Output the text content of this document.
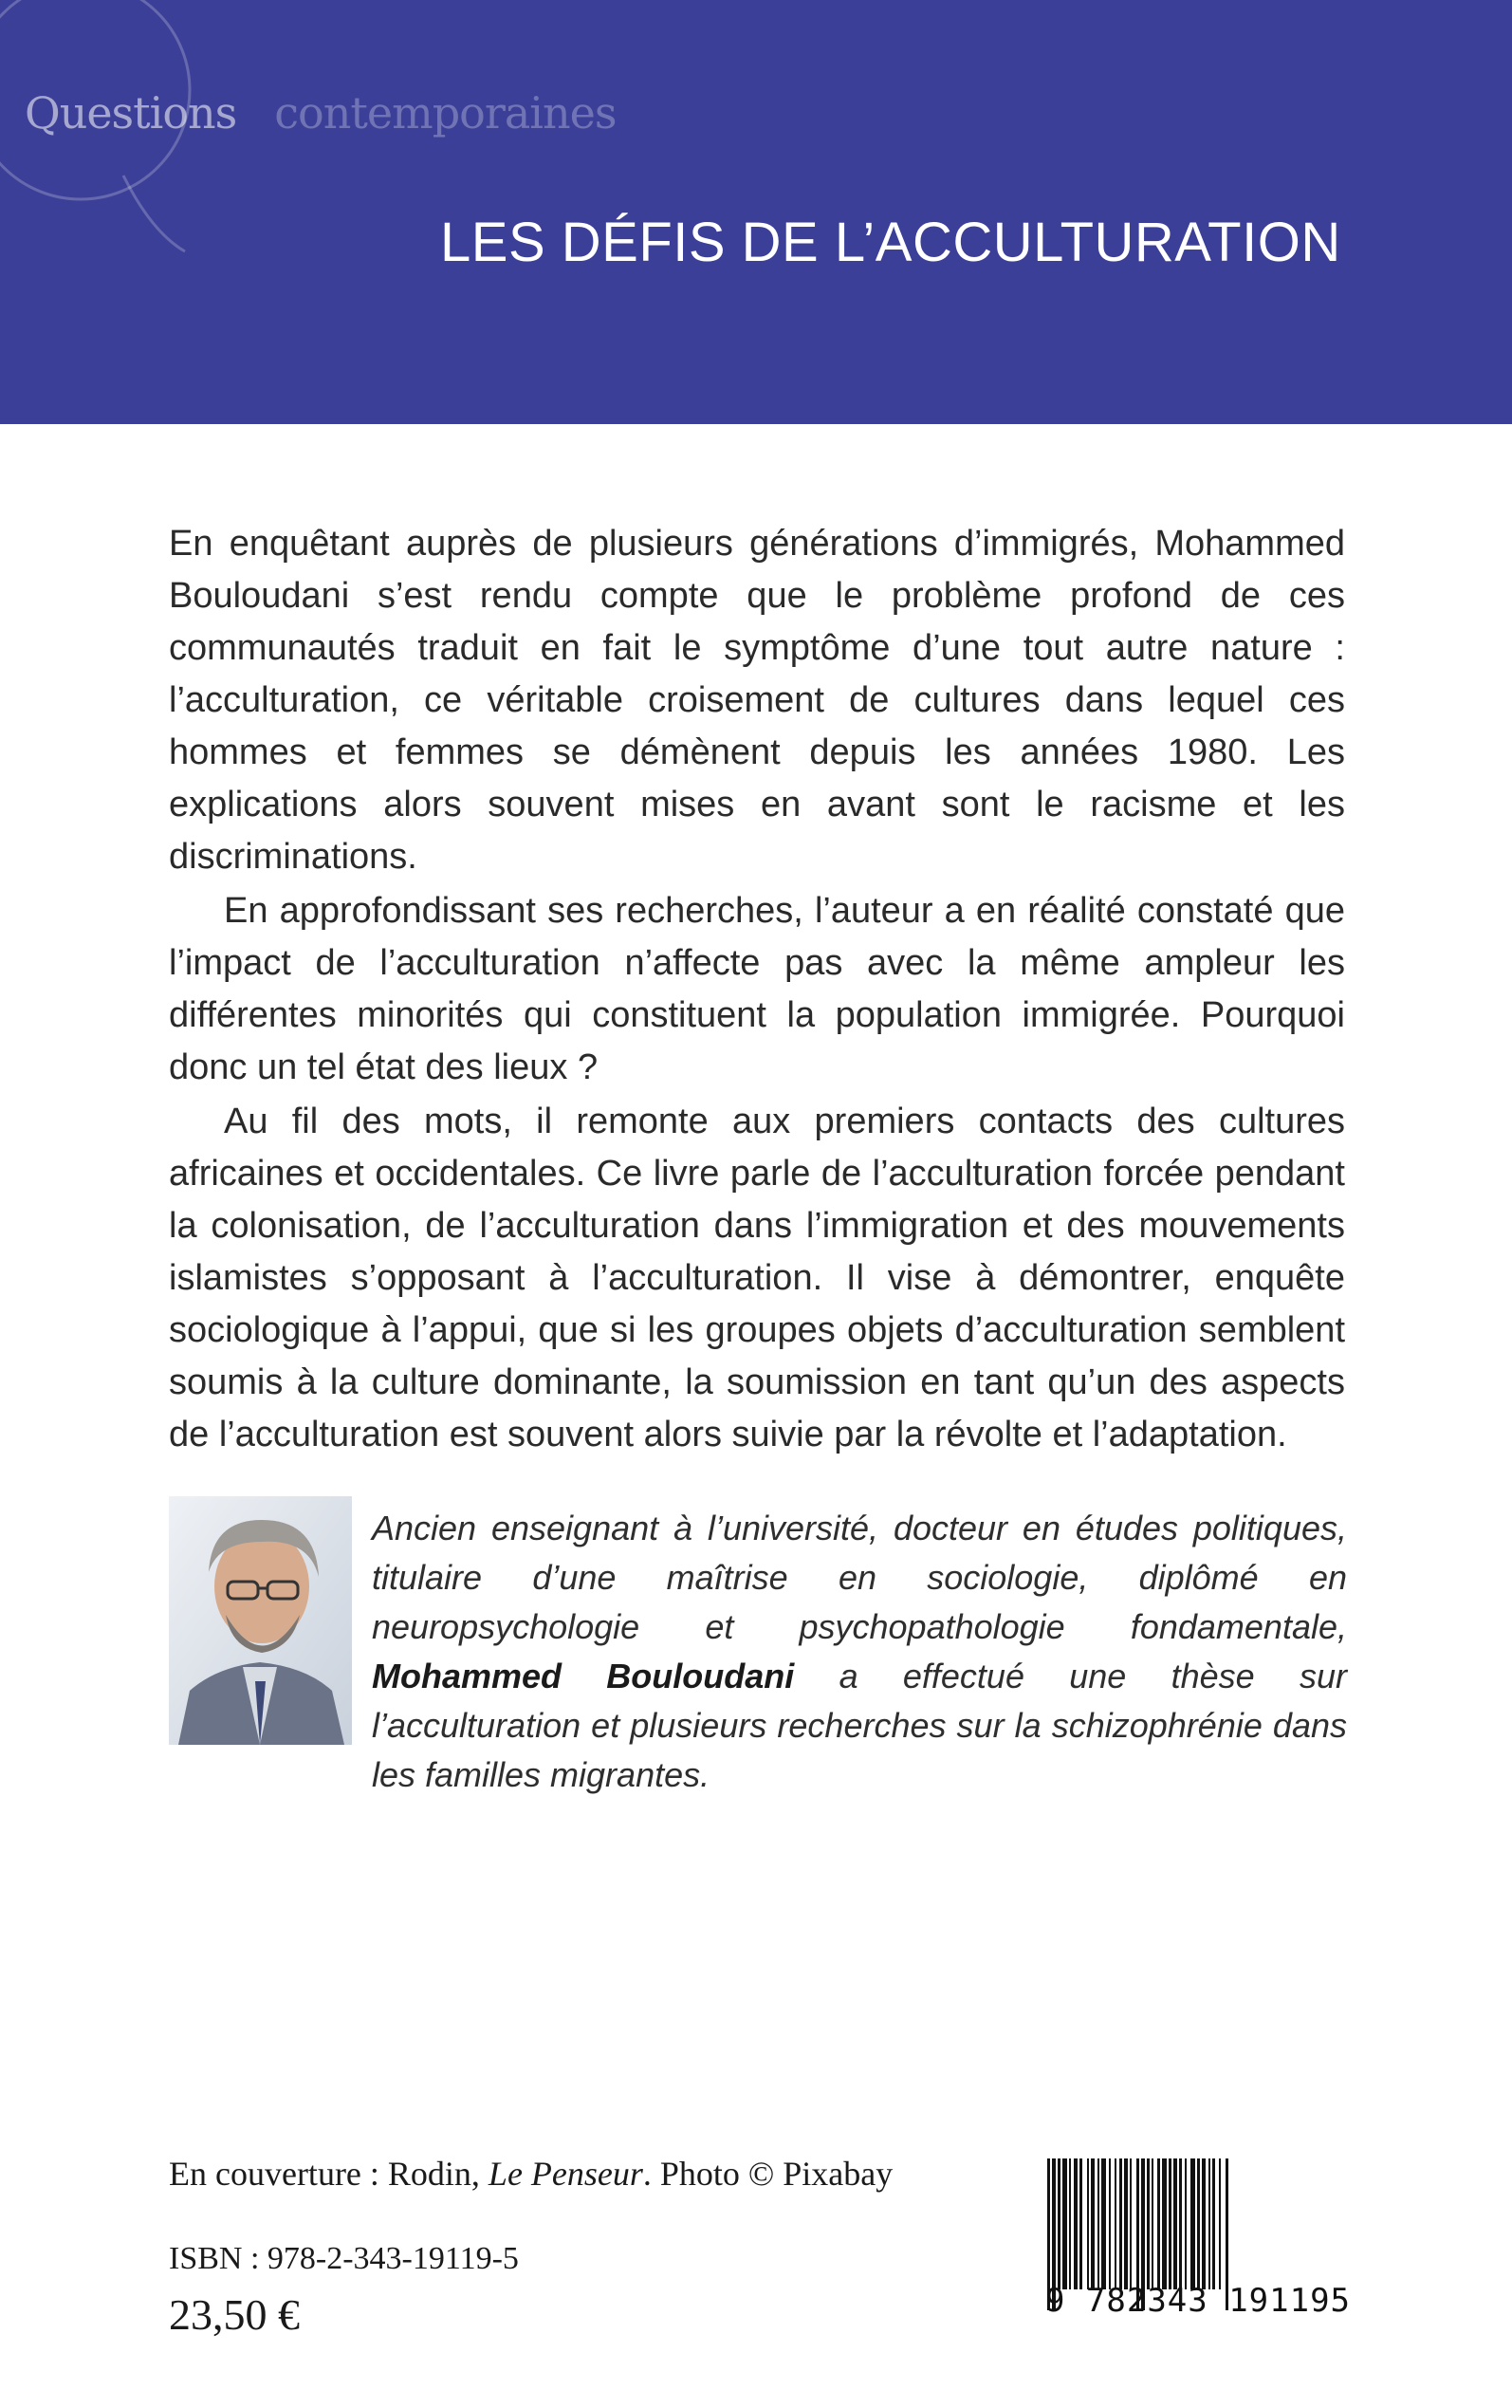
Questions contemporaines
LES DÉFIS DE L’ACCULTURATION

En enquêtant auprès de plusieurs générations d’immigrés, Mohammed Bouloudani s’est rendu compte que le problème profond de ces communautés traduit en fait le symptôme d’une tout autre nature : l’acculturation, ce véritable croisement de cultures dans lequel ces hommes et femmes se démènent depuis les années 1980. Les explications alors souvent mises en avant sont le racisme et les discriminations.

En approfondissant ses recherches, l’auteur a en réalité constaté que l’impact de l’acculturation n’affecte pas avec la même ampleur les différentes minorités qui constituent la population immigrée. Pourquoi donc un tel état des lieux ?

Au fil des mots, il remonte aux premiers contacts des cultures africaines et occidentales. Ce livre parle de l’acculturation forcée pendant la colonisation, de l’acculturation dans l’immigration et des mouvements islamistes s’opposant à l’acculturation. Il vise à démontrer, enquête sociologique à l’appui, que si les groupes objets d’acculturation semblent soumis à la culture dominante, la soumission en tant qu’un des aspects de l’acculturation est souvent alors suivie par la révolte et l’adaptation.

Ancien enseignant à l’université, docteur en études politiques, titulaire d’une maîtrise en sociologie, diplômé en neuropsychologie et psychopathologie fondamentale, Mohammed Bouloudani a effectué une thèse sur l’acculturation et plusieurs recherches sur la schizophrénie dans les familles migrantes.

En couverture : Rodin, Le Penseur. Photo © Pixabay
ISBN : 978-2-343-19119-5
23,50 €	9 782343 191195
